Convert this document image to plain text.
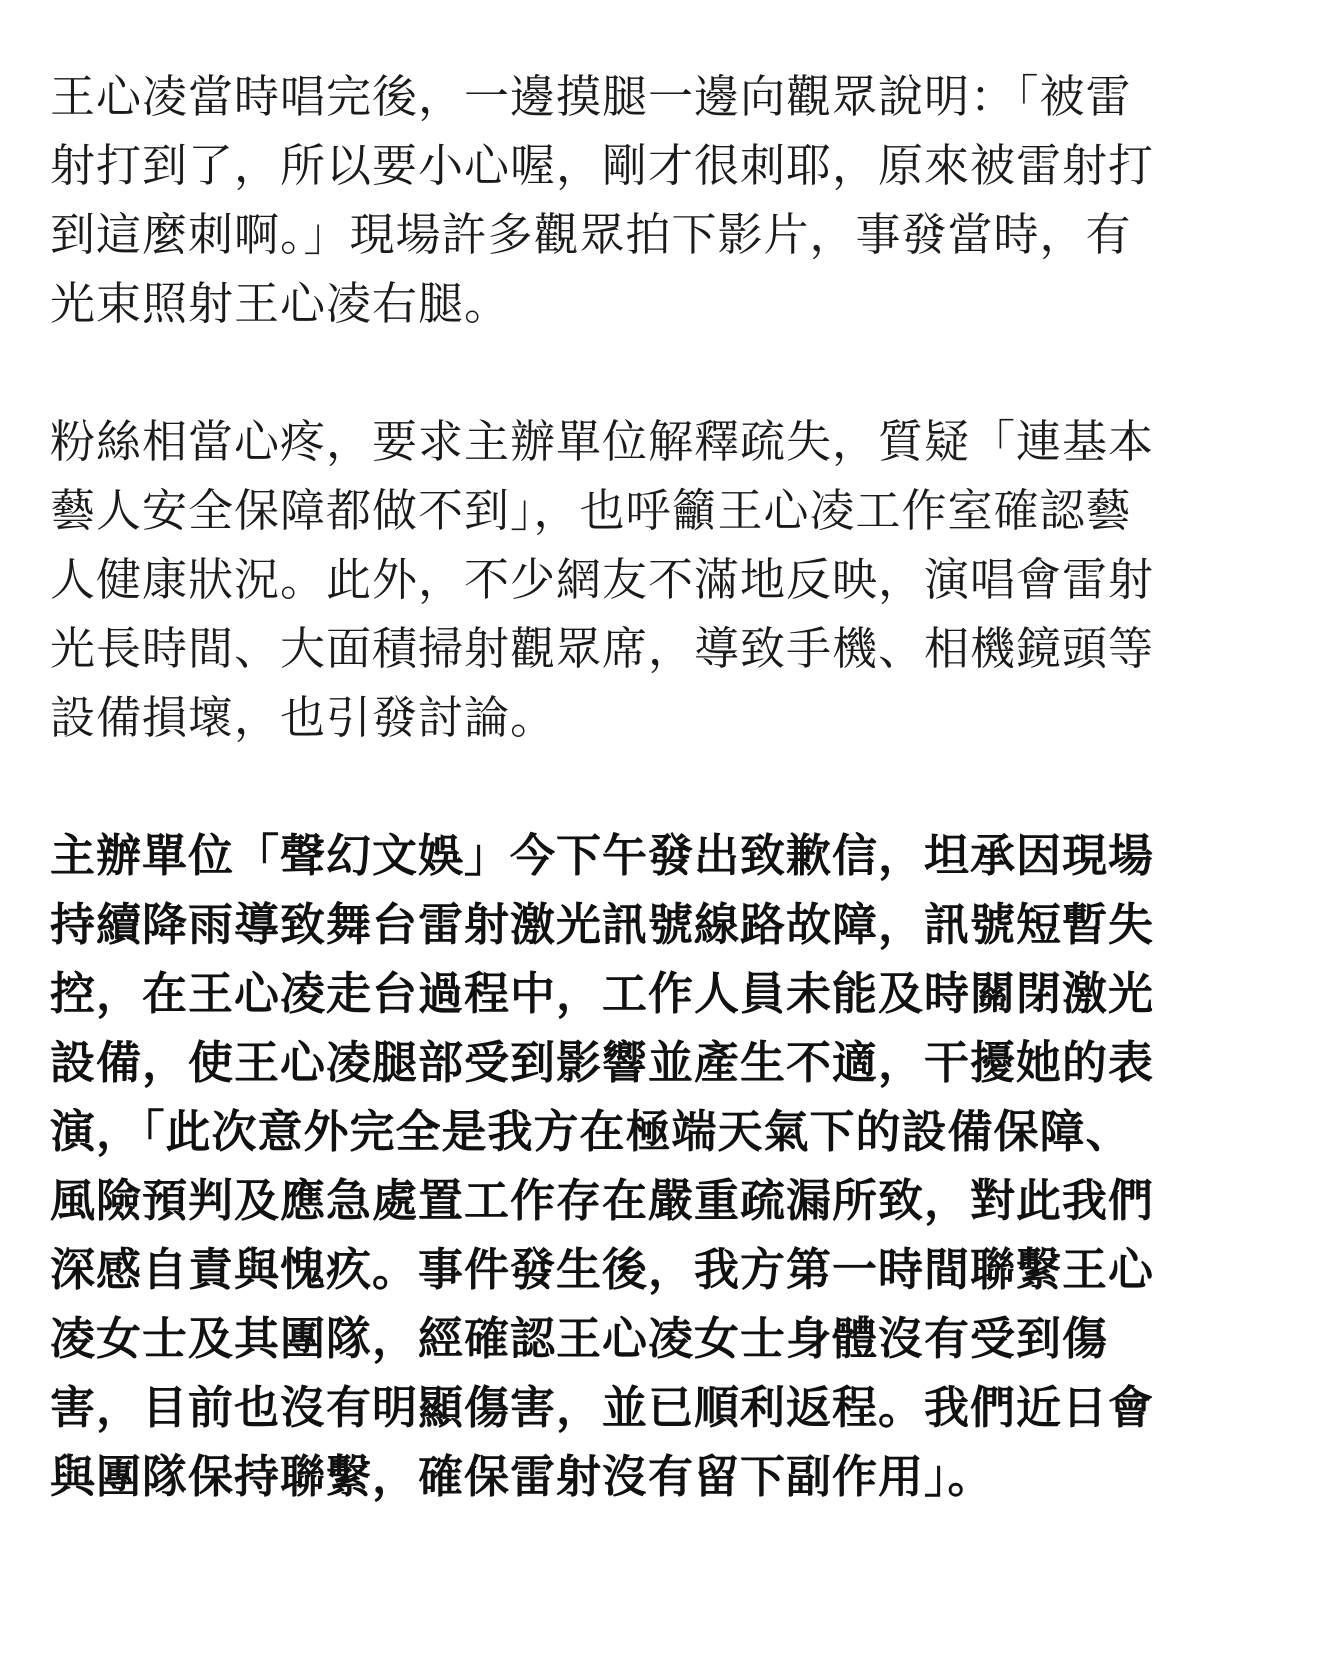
王心凌當時唱完後，一邊摸腿一邊向觀眾說明：「被雷
射打到了，所以要小心喔，剛才很刺耶，原來被雷射打
到這麼刺啊。」現場許多觀眾拍下影片，事發當時，有
光束照射王心凌右腿。

粉絲相當心疼，要求主辦單位解釋疏失，質疑「連基本
藝人安全保障都做不到」，也呼籲王心凌工作室確認藝
人健康狀況。此外，不少網友不滿地反映，演唱會雷射
光長時間、大面積掃射觀眾席，導致手機、相機鏡頭等
設備損壞，也引發討論。

主辦單位「聲幻文娛」今下午發出致歉信，坦承因現場
持續降雨導致舞台雷射激光訊號線路故障，訊號短暫失
控，在王心凌走台過程中，工作人員未能及時關閉激光
設備，使王心凌腿部受到影響並產生不適，干擾她的表
演，「此次意外完全是我方在極端天氣下的設備保障、
風險預判及應急處置工作存在嚴重疏漏所致，對此我們
深感自責與愧疚。事件發生後，我方第一時間聯繫王心
凌女士及其團隊，經確認王心凌女士身體沒有受到傷
害，目前也沒有明顯傷害，並已順利返程。我們近日會
與團隊保持聯繫，確保雷射沒有留下副作用」。
